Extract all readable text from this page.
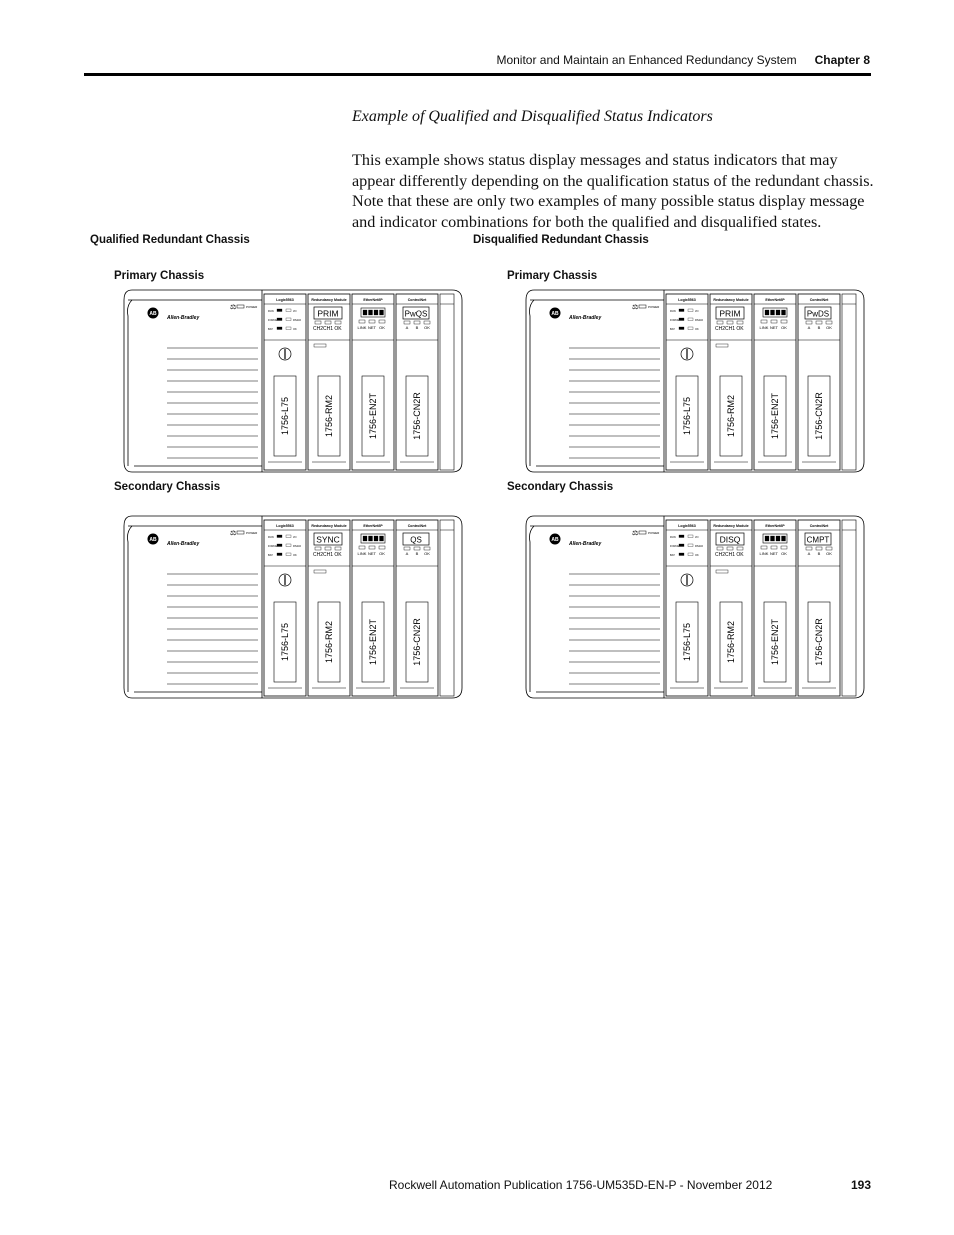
Monitor and Maintain an Enhanced Redundancy System Chapter 8
Example of Qualified and Disqualified Status Indicators
This example shows status display messages and status indicators that may appear differently depending on the qualification status of the redundant chassis. Note that these are only two examples of many possible status display message and indicator combinations for both the qualified and disqualified states.
Qualified Redundant Chassis	Disqualified Redundant Chassis
Primary Chassis
Secondary Chassis
Primary Chassis
Secondary Chassis
AB
Allen-Bradley
POWER
⚖
Logix5563
1756-L75
Redundancy Module
1756-RM2
EtherNet/IP
1756-EN2T
ControlNet
1756-CN2R
RUN	I/O
FORCE	RS232
BAT	OK
PRIM
CH2 CH1 OK	LINK NET OK
PwQS
A B OK
AB
Allen-Bradley
POWER
⚖
Logix5563
1756-L75
Redundancy Module
1756-RM2
EtherNet/IP
1756-EN2T
ControlNet
1756-CN2R
RUN	I/O
FORCE	RS232
BAT	OK
SYNC
CH2 CH1 OK	LINK NET OK
QS
A B OK
AB
Allen-Bradley
POWER
⚖
Logix5563
1756-L75
Redundancy Module
1756-RM2
EtherNet/IP
1756-EN2T
ControlNet
1756-CN2R
RUN	I/O
FORCE	RS232
BAT	OK
PRIM
CH2 CH1 OK	LINK NET OK
PwDS
A B OK
AB
Allen-Bradley
POWER
⚖
Logix5563
1756-L75
Redundancy Module
1756-RM2
EtherNet/IP
1756-EN2T
ControlNet
1756-CN2R
RUN	I/O
FORCE	RS232
BAT	OK
DISQ
CH2 CH1 OK	LINK NET OK
CMPT
A B OK
Rockwell Automation Publication 1756-UM535D-EN-P - November 2012	193
